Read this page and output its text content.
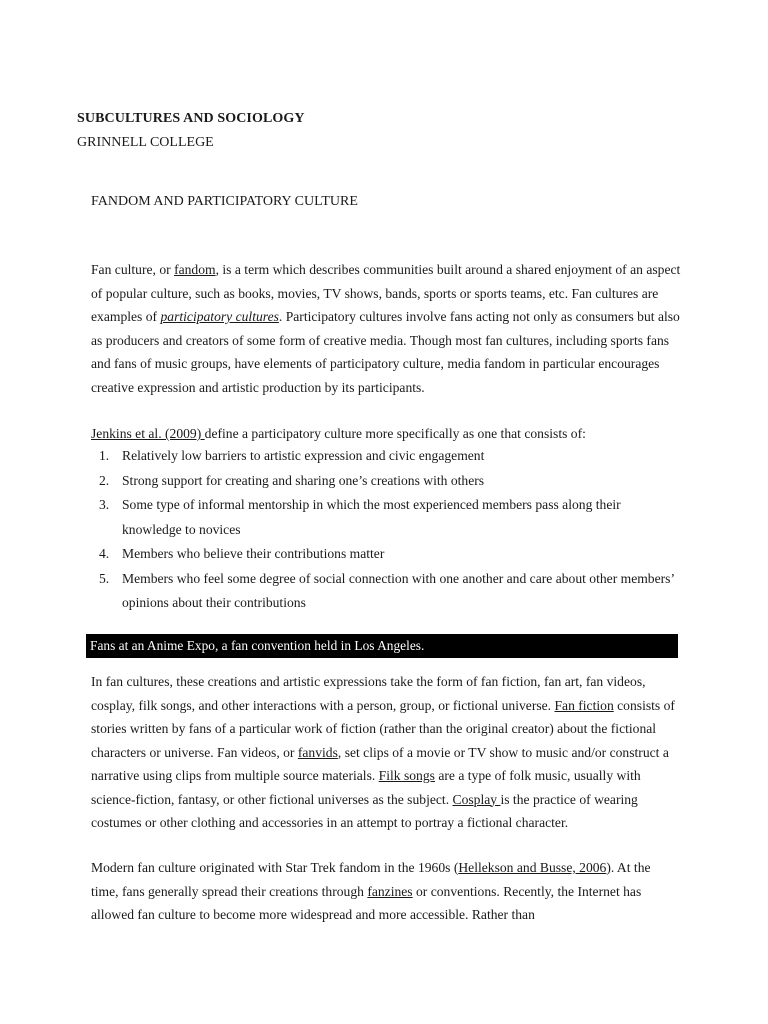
SUBCULTURES AND SOCIOLOGY
GRINNELL COLLEGE
FANDOM AND PARTICIPATORY CULTURE

Fan culture, or fandom, is a term which describes communities built around a shared enjoyment of an aspect of popular culture, such as books, movies, TV shows, bands, sports or sports teams, etc. Fan cultures are examples of participatory cultures. Participatory cultures involve fans acting not only as consumers but also as producers and creators of some form of creative media. Though most fan cultures, including sports fans and fans of music groups, have elements of participatory culture, media fandom in particular encourages creative expression and artistic production by its participants.

Jenkins et al. (2009) define a participatory culture more specifically as one that consists of:

1. Relatively low barriers to artistic expression and civic engagement
2. Strong support for creating and sharing one’s creations with others
3. Some type of informal mentorship in which the most experienced members pass along their knowledge to novices
4. Members who believe their contributions matter
5. Members who feel some degree of social connection with one another and care about other members’ opinions about their contributions
Fans at an Anime Expo, a fan convention held in Los Angeles.

In fan cultures, these creations and artistic expressions take the form of fan fiction, fan art, fan videos, cosplay, filk songs, and other interactions with a person, group, or fictional universe. Fan fiction consists of stories written by fans of a particular work of fiction (rather than the original creator) about the fictional characters or universe. Fan videos, or fanvids, set clips of a movie or TV show to music and/or construct a narrative using clips from multiple source materials. Filk songs are a type of folk music, usually with science-fiction, fantasy, or other fictional universes as the subject. Cosplay is the practice of wearing costumes or other clothing and accessories in an attempt to portray a fictional character.

Modern fan culture originated with Star Trek fandom in the 1960s (Hellekson and Busse, 2006). At the time, fans generally spread their creations through fanzines or conventions. Recently, the Internet has allowed fan culture to become more widespread and more accessible. Rather than
